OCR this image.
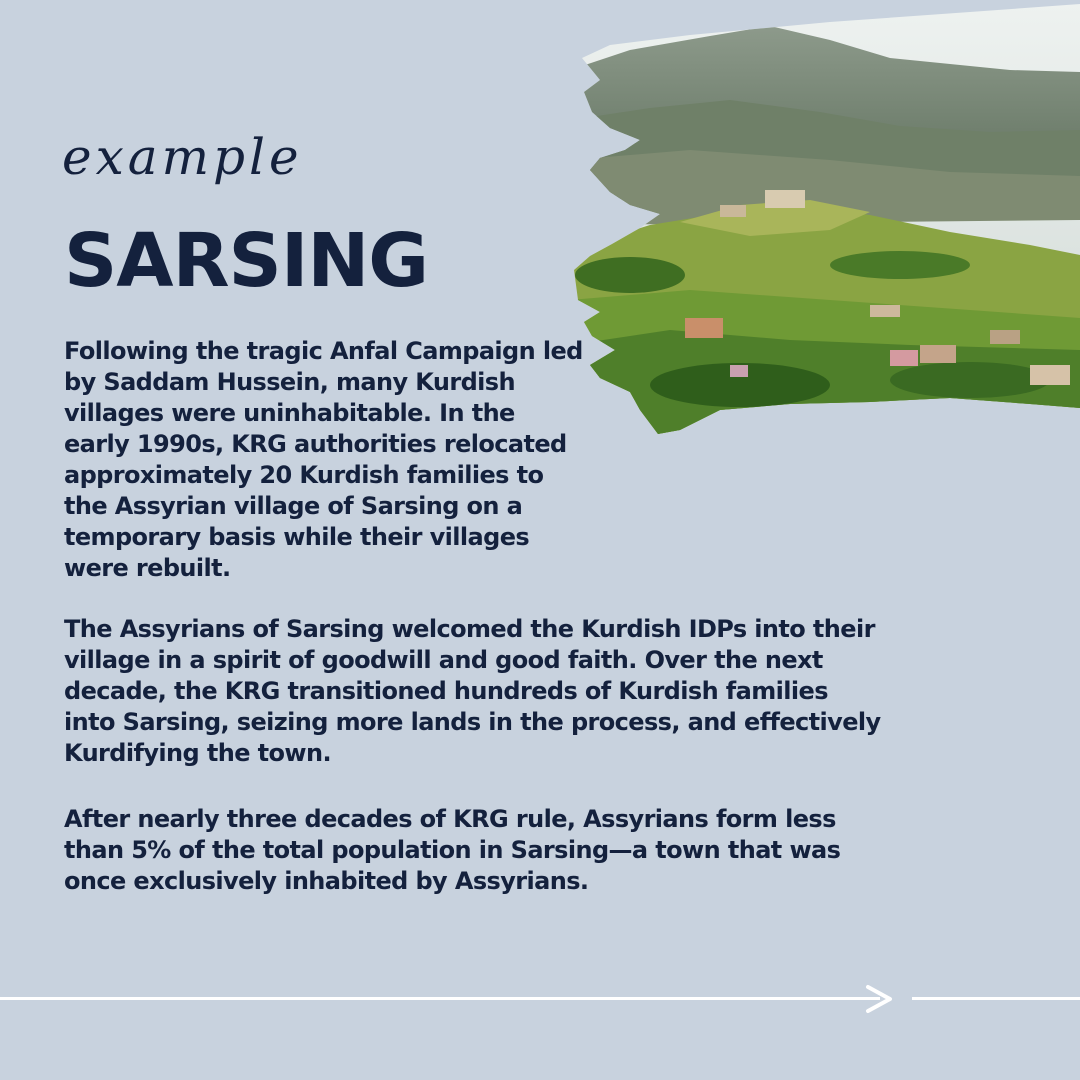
example
SARSING

Following the tragic Anfal Campaign led by Saddam Hussein, many Kurdish villages were uninhabitable. In the early 1990s, KRG authorities relocated approximately 20 Kurdish families to the Assyrian village of Sarsing on a temporary basis while their villages were rebuilt.

The Assyrians of Sarsing welcomed the Kurdish IDPs into their village in a spirit of goodwill and good faith. Over the next decade, the KRG transitioned hundreds of Kurdish families into Sarsing, seizing more lands in the process, and effectively Kurdifying the town.

After nearly three decades of KRG rule, Assyrians form less than 5% of the total population in Sarsing—a town that was once exclusively inhabited by Assyrians.
